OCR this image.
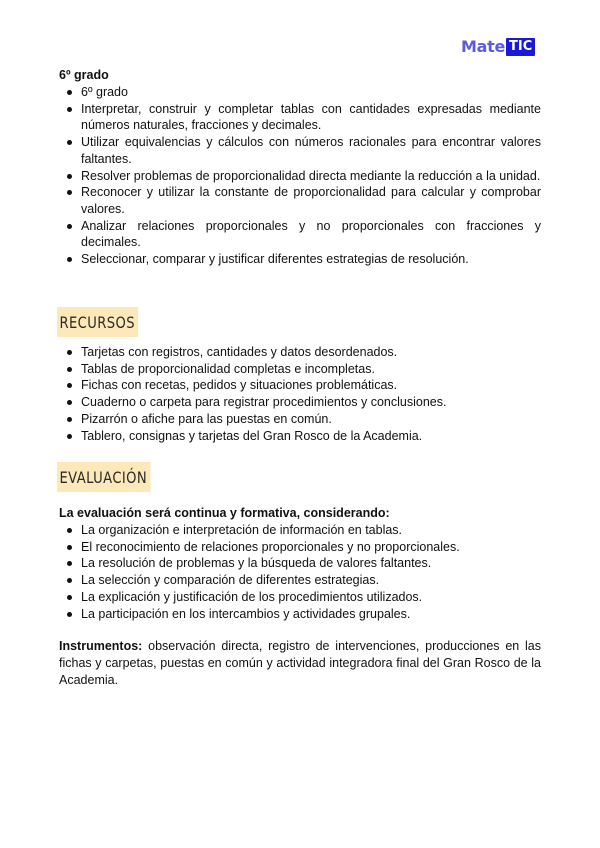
Mate TIC

6º grado

6º grado
Interpretar, construir y completar tablas con cantidades expresadas mediante números naturales, fracciones y decimales.
Utilizar equivalencias y cálculos con números racionales para encontrar valores faltantes.
Resolver problemas de proporcionalidad directa mediante la reducción a la unidad.
Reconocer y utilizar la constante de proporcionalidad para calcular y comprobar valores.
Analizar relaciones proporcionales y no proporcionales con fracciones y decimales.
Seleccionar, comparar y justificar diferentes estrategias de resolución.
RECURSOS
Tarjetas con registros, cantidades y datos desordenados.
Tablas de proporcionalidad completas e incompletas.
Fichas con recetas, pedidos y situaciones problemáticas.
Cuaderno o carpeta para registrar procedimientos y conclusiones.
Pizarrón o afiche para las puestas en común.
Tablero, consignas y tarjetas del Gran Rosco de la Academia.
EVALUACIÓN

La evaluación será continua y formativa, considerando:

La organización e interpretación de información en tablas.
El reconocimiento de relaciones proporcionales y no proporcionales.
La resolución de problemas y la búsqueda de valores faltantes.
La selección y comparación de diferentes estrategias.
La explicación y justificación de los procedimientos utilizados.
La participación en los intercambios y actividades grupales.

Instrumentos: observación directa, registro de intervenciones, producciones en las fichas y carpetas, puestas en común y actividad integradora final del Gran Rosco de la Academia.
